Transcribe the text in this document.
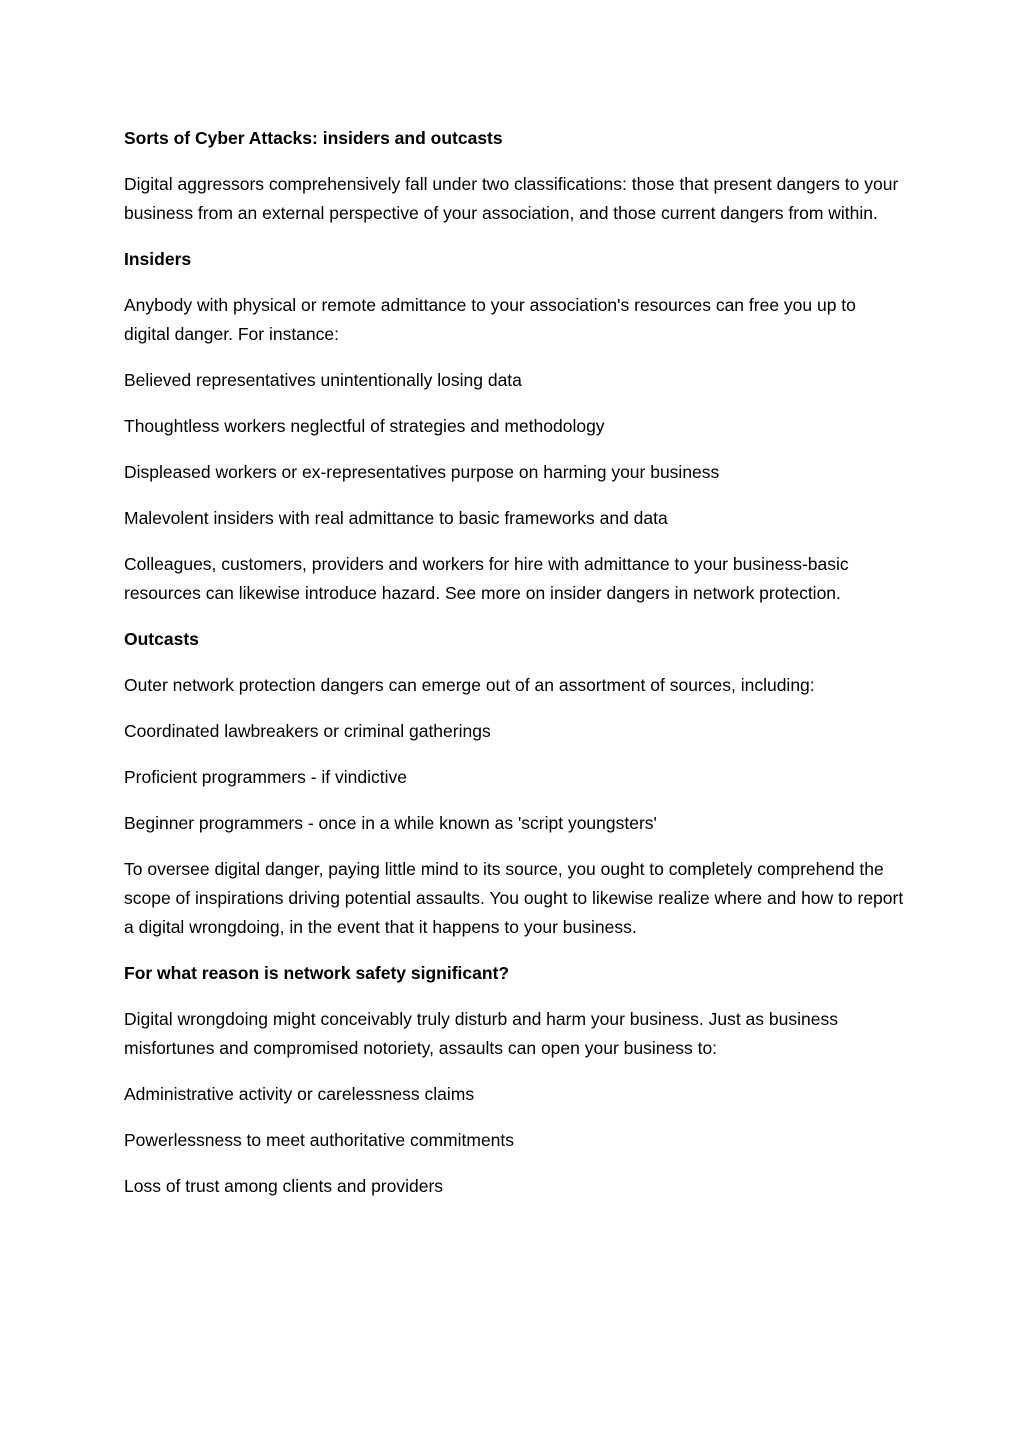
Sorts of Cyber Attacks: insiders and outcasts

Digital aggressors comprehensively fall under two classifications: those that present dangers to your business from an external perspective of your association, and those current dangers from within.

Insiders

Anybody with physical or remote admittance to your association's resources can free you up to digital danger. For instance:

Believed representatives unintentionally losing data

Thoughtless workers neglectful of strategies and methodology

Displeased workers or ex-representatives purpose on harming your business

Malevolent insiders with real admittance to basic frameworks and data

Colleagues, customers, providers and workers for hire with admittance to your business-basic resources can likewise introduce hazard. See more on insider dangers in network protection.

Outcasts

Outer network protection dangers can emerge out of an assortment of sources, including:

Coordinated lawbreakers or criminal gatherings

Proficient programmers - if vindictive

Beginner programmers - once in a while known as 'script youngsters'

To oversee digital danger, paying little mind to its source, you ought to completely comprehend the scope of inspirations driving potential assaults. You ought to likewise realize where and how to report a digital wrongdoing, in the event that it happens to your business.

For what reason is network safety significant?

Digital wrongdoing might conceivably truly disturb and harm your business. Just as business misfortunes and compromised notoriety, assaults can open your business to:

Administrative activity or carelessness claims

Powerlessness to meet authoritative commitments

Loss of trust among clients and providers
